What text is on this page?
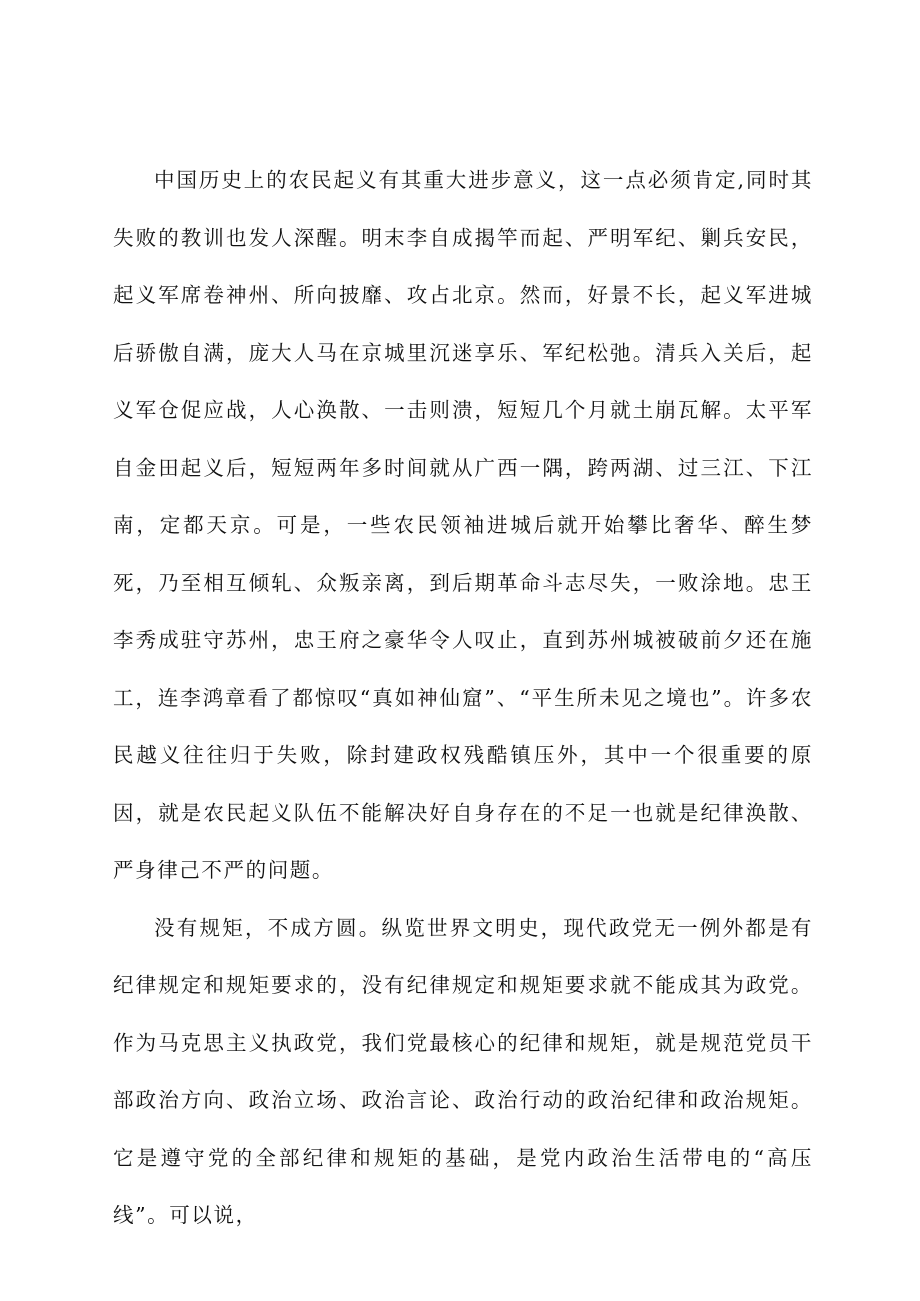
中国历史上的农民起义有其重大进步意义，这一点必须肯定,同时其失败的教训也发人深醒。明末李自成揭竿而起、严明军纪、剿兵安民，起义军席卷神州、所向披靡、攻占北京。然而，好景不长，起义军进城后骄傲自满，庞大人马在京城里沉迷享乐、军纪松弛。清兵入关后，起义军仓促应战，人心涣散、一击则溃，短短几个月就土崩瓦解。太平军自金田起义后，短短两年多时间就从广西一隅，跨两湖、过三江、下江南，定都天京。可是，一些农民领袖进城后就开始攀比奢华、醉生梦死，乃至相互倾轧、众叛亲离，到后期革命斗志尽失，一败涂地。忠王李秀成驻守苏州，忠王府之豪华令人叹止，直到苏州城被破前夕还在施工，连李鸿章看了都惊叹“真如神仙窟”、“平生所未见之境也”。许多农民越义往往归于失败，除封建政权残酷镇压外，其中一个很重要的原因，就是农民起义队伍不能解决好自身存在的不足一也就是纪律涣散、严身律己不严的问题。

没有规矩，不成方圆。纵览世界文明史，现代政党无一例外都是有纪律规定和规矩要求的，没有纪律规定和规矩要求就不能成其为政党。作为马克思主义执政党，我们党最核心的纪律和规矩，就是规范党员干部政治方向、政治立场、政治言论、政治行动的政治纪律和政治规矩。它是遵守党的全部纪律和规矩的基础，是党内政治生活带电的“高压线”。可以说，
